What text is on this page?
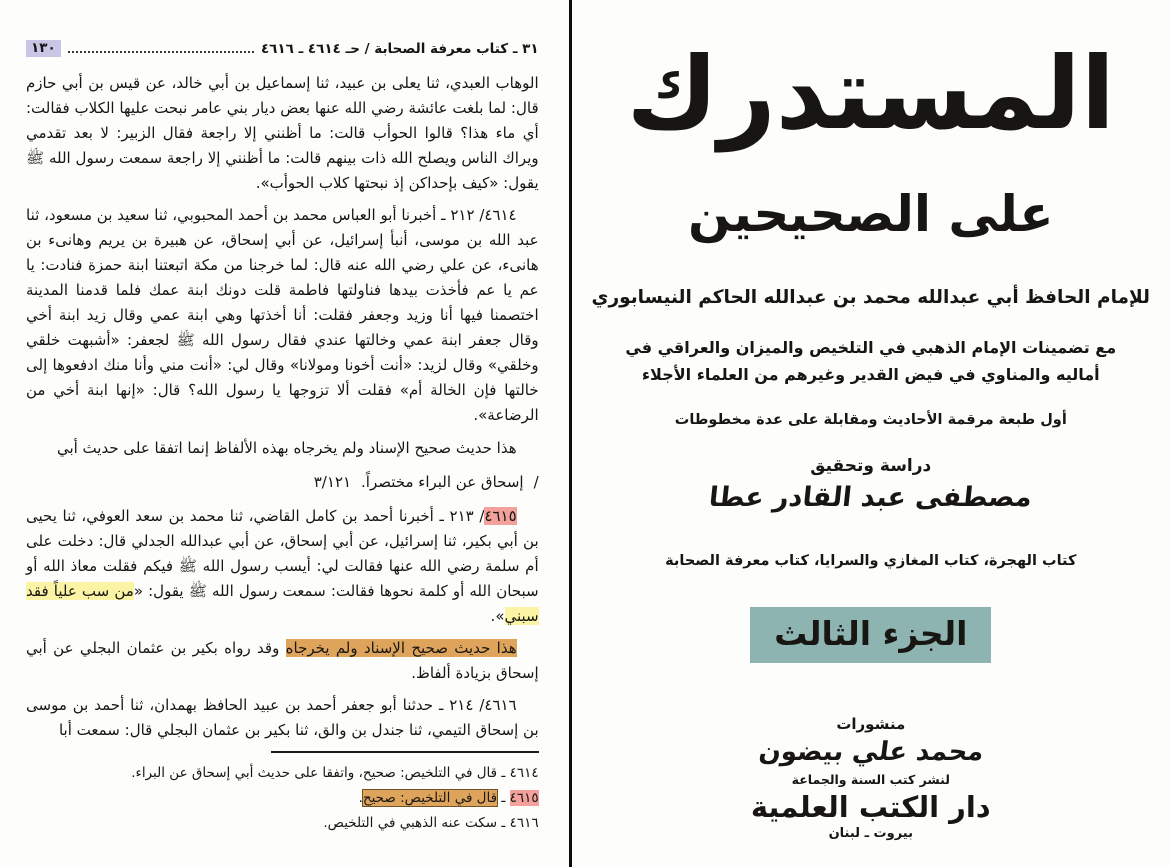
٣١ ـ كتاب معرفة الصحابة / حـ ٤٦١٤ ـ ٤٦١٦
١٣٠

الوهاب العبدي، ثنا يعلى بن عبيد، ثنا إسماعيل بن أبي خالد، عن قيس بن أبي حازم قال: لما بلغت عائشة رضي الله عنها بعض ديار بني عامر نبحت عليها الكلاب فقالت: أي ماء هذا؟ قالوا الحوأب قالت: ما أظنني إلا راجعة فقال الزبير: لا بعد تقدمي ويراك الناس ويصلح الله ذات بينهم قالت: ما أظنني إلا راجعة سمعت رسول الله ﷺ يقول: «كيف بإحداكن إذ نبحتها كلاب الحوأب».

٤٦١٤/ ٢١٢ ـ أخبرنا أبو العباس محمد بن أحمد المحبوبي، ثنا سعيد بن مسعود، ثنا عبد الله بن موسى، أنبأ إسرائيل، عن أبي إسحاق، عن هبيرة بن يريم وهانىء بن هانىء، عن علي رضي الله عنه قال: لما خرجنا من مكة اتبعتنا ابنة حمزة فنادت: يا عم يا عم فأخذت بيدها فناولتها فاطمة قلت دونك ابنة عمك فلما قدمنا المدينة اختصمنا فيها أنا وزيد وجعفر فقلت: أنا أخذتها وهي ابنة عمي وقال زيد ابنة أخي وقال جعفر ابنة عمي وخالتها عندي فقال رسول الله ﷺ لجعفر: «أشبهت خلقي وخلقي» وقال لزيد: «أنت أخونا ومولانا» وقال لي: «أنت مني وأنا منك ادفعوها إلى خالتها فإن الخالة أم» فقلت ألا تزوجها يا رسول الله؟ قال: «إنها ابنة أخي من الرضاعة».

هذا حديث صحيح الإسناد ولم يخرجاه بهذه الألفاظ إنما اتفقا على حديث أبي

٣/١٢١ إسحاق عن البراء مختصراً. /

٤٦١٥/ ٢١٣ ـ أخبرنا أحمد بن كامل القاضي، ثنا محمد بن سعد العوفي، ثنا يحيى بن أبي بكير، ثنا إسرائيل، عن أبي إسحاق، عن أبي عبدالله الجدلي قال: دخلت على أم سلمة رضي الله عنها فقالت لي: أيسب رسول الله ﷺ فيكم فقلت معاذ الله أو سبحان الله أو كلمة نحوها فقالت: سمعت رسول الله ﷺ يقول: «من سب علياً فقد سبني».

هذا حديث صحيح الإسناد ولم يخرجاه وقد رواه بكير بن عثمان البجلي عن أبي إسحاق بزيادة ألفاظ.

٤٦١٦/ ٢١٤ ـ حدثنا أبو جعفر أحمد بن عبيد الحافظ بهمدان، ثنا أحمد بن موسى بن إسحاق التيمي، ثنا جندل بن والق، ثنا بكير بن عثمان البجلي قال: سمعت أبا

٤٦١٤ ـ قال في التلخيص: صحيح، واتفقا على حديث أبي إسحاق عن البراء.

٤٦١٥ ـ قال في التلخيص: صحيح.

٤٦١٦ ـ سكت عنه الذهبي في التلخيص.

المستدرك
على الصحيحين
للإمام الحافظ أبي عبدالله محمد بن عبدالله الحاكم النيسابوري
مع تضمينات الإمام الذهبي في التلخيص والميزان والعراقي في أماليه والمناوي في فيض القدير وغيرهم من العلماء الأجلاء
أول طبعة مرقمة الأحاديث ومقابلة على عدة مخطوطات
دراسة وتحقيق
مصطفى عبد القادر عطا
كتاب الهجرة، كتاب المغازي والسرايا، كتاب معرفة الصحابة
الجزء الثالث
منشورات
محمد علي بيضون
لنشر كتب السنة والجماعة
دار الكتب العلمية
بيروت ـ لبنان
